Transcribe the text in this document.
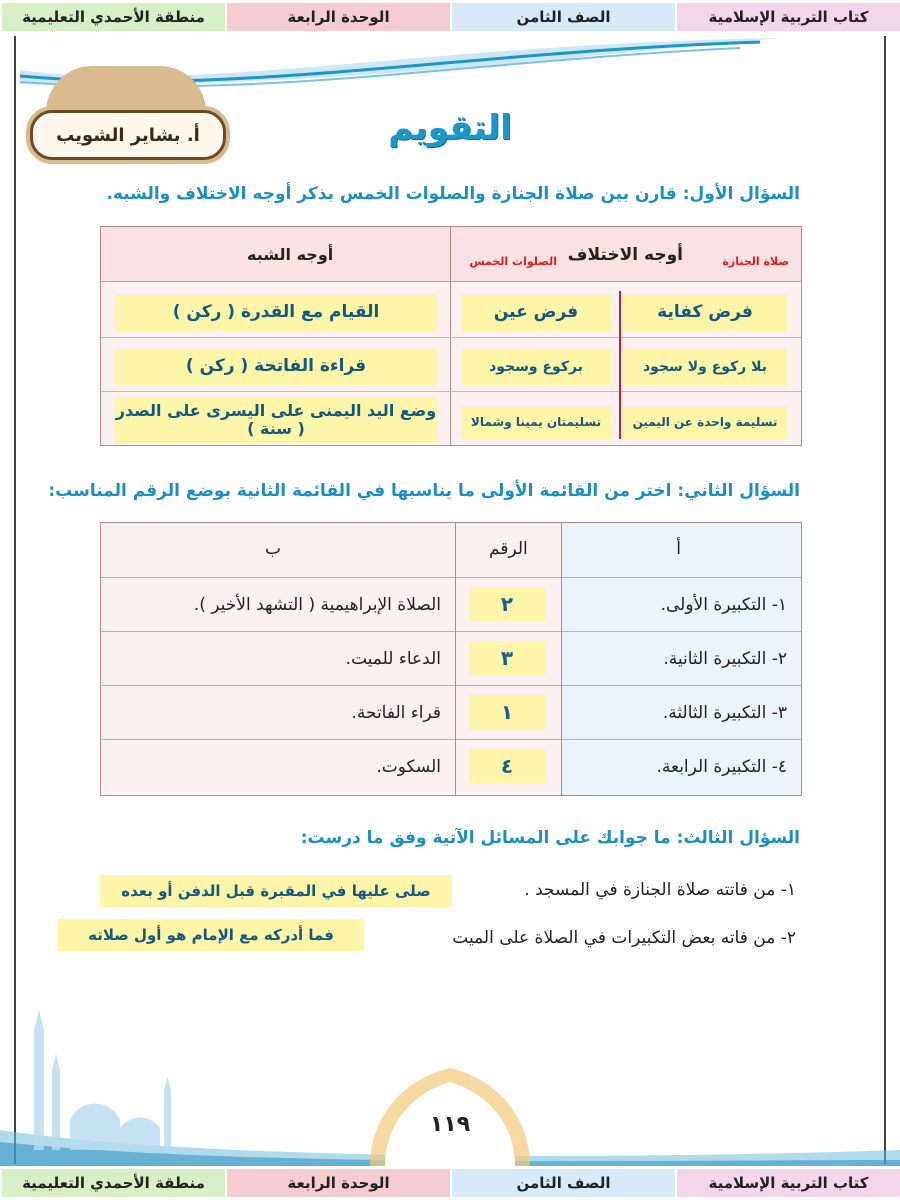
كتاب التربية الإسلامية
الصف الثامن
الوحدة الرابعة
منطقة الأحمدي التعليمية
أ. بشاير الشويب	التقويم
السؤال الأول: قارن بين صلاة الجنازة والصلوات الخمس بذكر أوجه الاختلاف والشبه.
أوجه الاختلاف	صلاة الجنازة
الصلوات الخمس
أوجه الشبه
فرض كفاية
فرض عين
القيام مع القدرة ( ركن )
بلا ركوع ولا سجود
بركوع وسجود
قراءة الفاتحة ( ركن )
تسليمة واحدة عن اليمين
تسليمتان يمينا وشمالا
وضع اليد اليمنى على اليسرى على الصدر ( سنة )
السؤال الثاني: اختر من القائمة الأولى ما يناسبها في القائمة الثانية بوضع الرقم المناسب:
أ
الرقم
ب
١- التكبيرة الأولى.
٢
الصلاة الإبراهيمية ( التشهد الأخير ).
٢- التكبيرة الثانية.
٣
الدعاء للميت.
٣- التكبيرة الثالثة.
١
قراء الفاتحة.
٤- التكبيرة الرابعة.
٤
السكوت.
السؤال الثالث: ما جوابك على المسائل الآتية وفق ما درست:
١- من فاتته صلاة الجنازة في المسجد .
صلى عليها في المقبرة قبل الدفن أو بعده
٢- من فاته بعض التكبيرات في الصلاة على الميت
فما أدركه مع الإمام هو أول صلاته
١١٩
كتاب التربية الإسلامية
الصف الثامن
الوحدة الرابعة
منطقة الأحمدي التعليمية
